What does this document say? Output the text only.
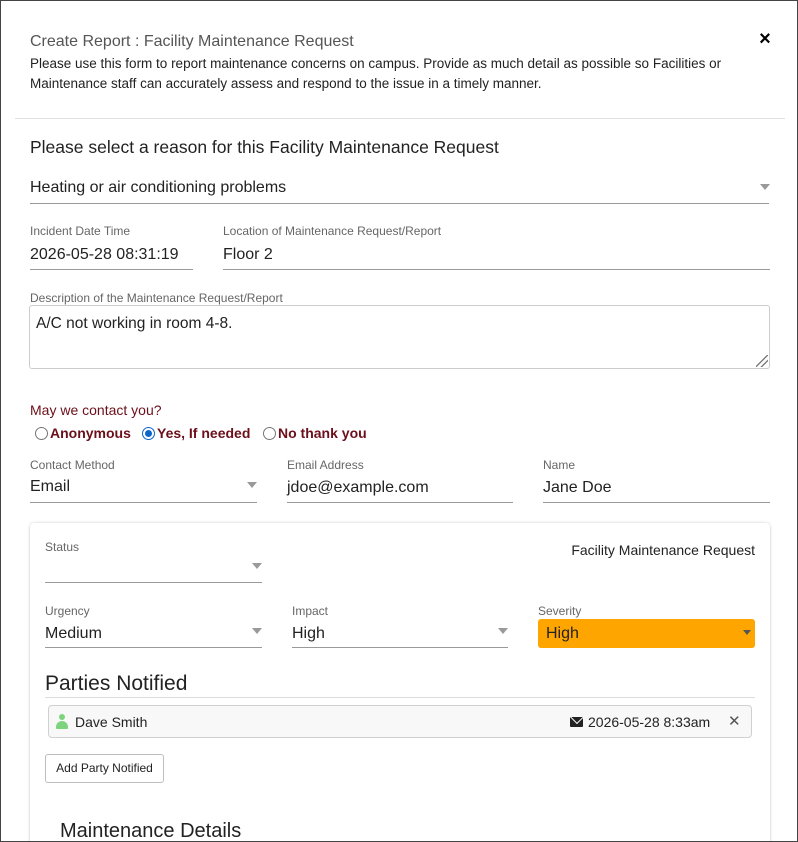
Create Report : Facility Maintenance Request	×
Please use this form to report maintenance concerns on campus. Provide as much detail as possible so Facilities or Maintenance staff can accurately assess and respond to the issue in a timely manner.
Please select a reason for this Facility Maintenance Request
Heating or air conditioning problems
Incident Date Time
2026-05-28 08:31:19
Location of Maintenance Request/Report
Floor 2
Description of the Maintenance Request/Report
A/C not working in room 4-8.
May we contact you?
Anonymous Yes, If needed No thank you
Contact Method
Email
Email Address
jdoe@example.com
Name
Jane Doe
Facility Maintenance Request
Status
Urgency
Medium
Impact
High
Severity
High
Parties Notified
Dave Smith	2026-05-28 8:33am ✕
Add Party Notified
Maintenance Details
